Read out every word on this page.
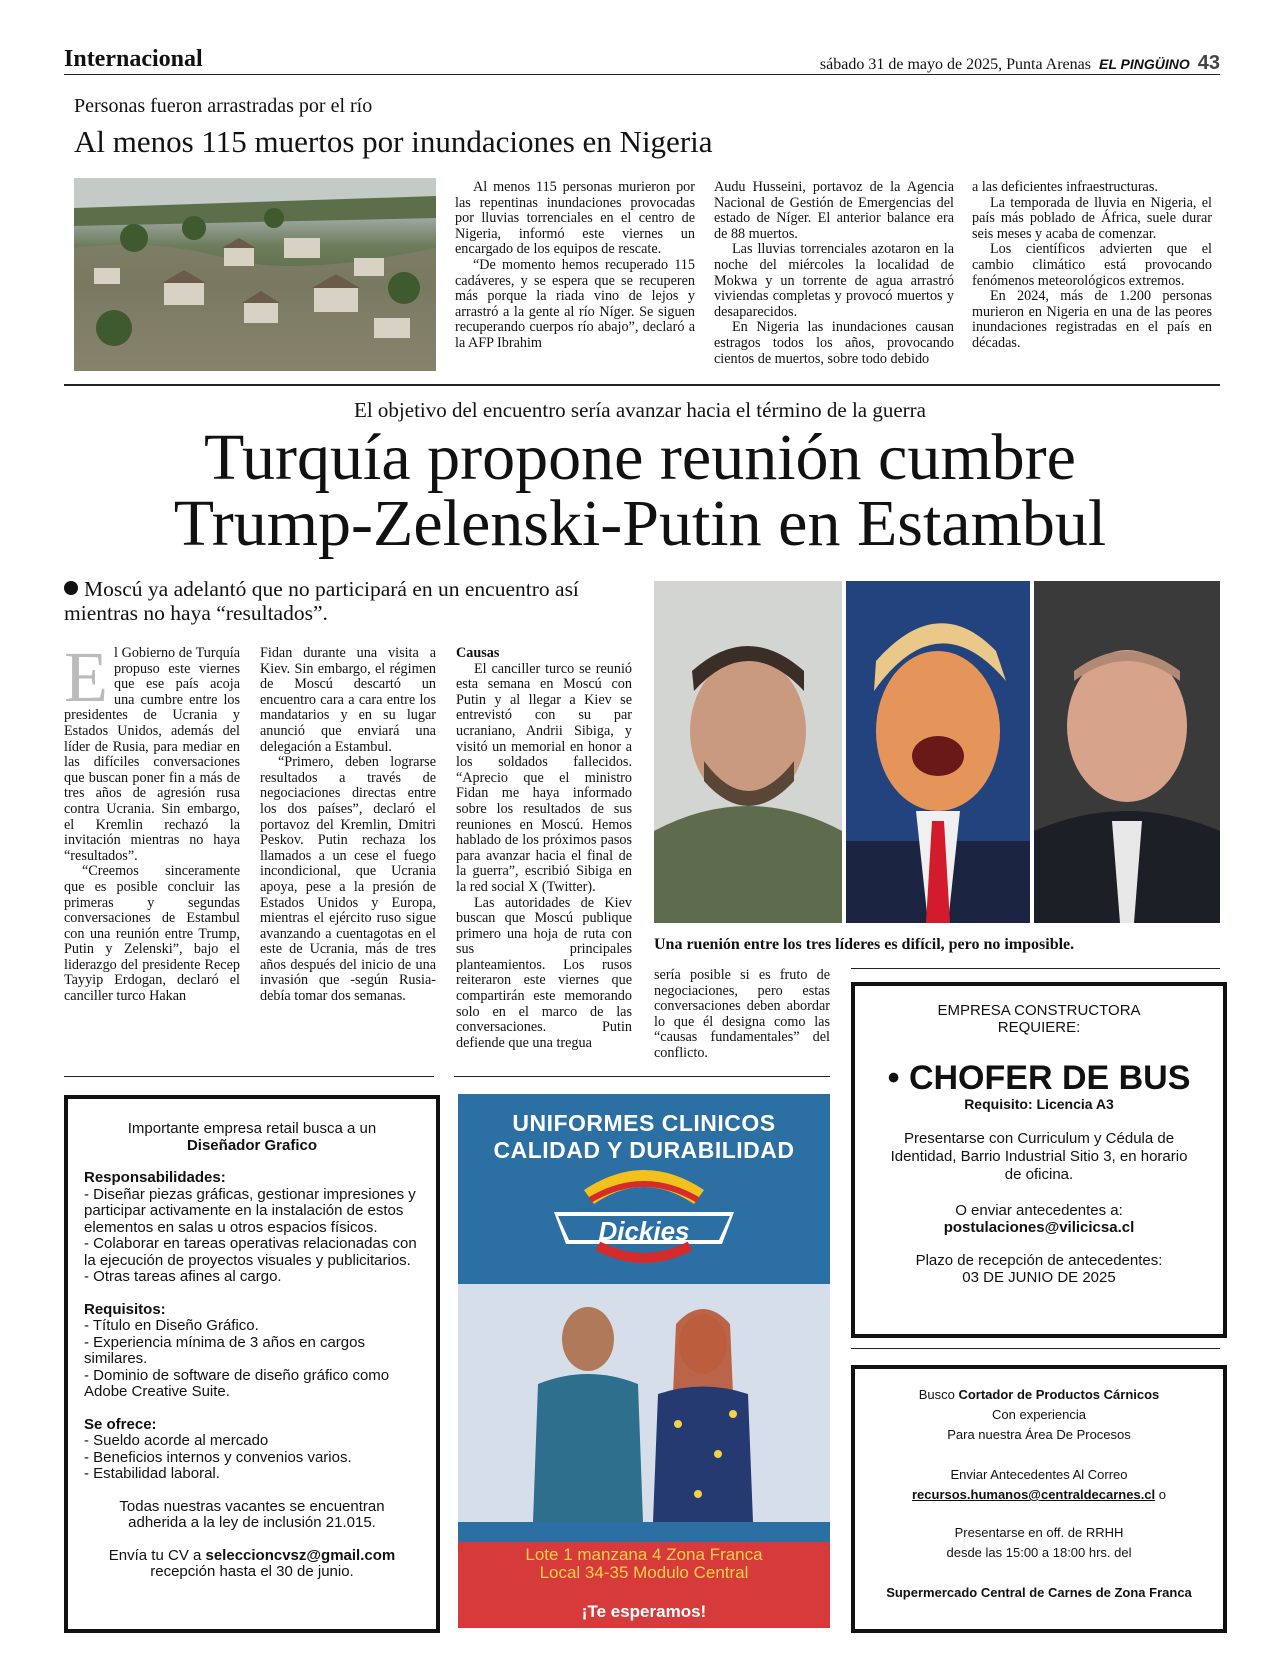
Internacional	sábado 31 de mayo de 2025, Punta Arenas EL PINGÜINO 43
Personas fueron arrastradas por el río
Al menos 115 muertos por inundaciones en Nigeria

Al menos 115 personas murieron por las repentinas inundaciones provocadas por lluvias torrenciales en el centro de Nigeria, informó este viernes un encargado de los equipos de rescate.

“De momento hemos recuperado 115 cadáveres, y se espera que se recuperen más porque la riada vino de lejos y arrastró a la gente al río Níger. Se siguen recuperando cuerpos río abajo”, declaró a la AFP Ibrahim

Audu Husseini, portavoz de la Agencia Nacional de Gestión de Emergencias del estado de Níger. El anterior balance era de 88 muertos.

Las lluvias torrenciales azotaron en la noche del miércoles la localidad de Mokwa y un torrente de agua arrastró viviendas completas y provocó muertos y desaparecidos.

En Nigeria las inundaciones causan estragos todos los años, provocando cientos de muertos, sobre todo debido

a las deficientes infraestructuras.

La temporada de lluvia en Nigeria, el país más poblado de África, suele durar seis meses y acaba de comenzar.

Los científicos advierten que el cambio climático está provocando fenómenos meteorológicos extremos.

En 2024, más de 1.200 personas murieron en Nigeria en una de las peores inundaciones registradas en el país en décadas.

El objetivo del encuentro sería avanzar hacia el término de la guerra
Turquía propone reunión cumbre
Trump-Zelenski-Putin en Estambul
Moscú ya adelantó que no participará en un encuentro así mientras no haya “resultados”.

El Gobierno de Turquía propuso este viernes que ese país acoja una cumbre entre los presidentes de Ucrania y Estados Unidos, además del líder de Rusia, para mediar en las difíciles conversaciones que buscan poner fin a más de tres años de agresión rusa contra Ucrania. Sin embargo, el Kremlin rechazó la invitación mientras no haya “resultados”.

“Creemos sinceramente que es posible concluir las primeras y segundas conversaciones de Estambul con una reunión entre Trump, Putin y Zelenski”, bajo el liderazgo del presidente Recep Tayyip Erdogan, declaró el canciller turco Hakan

Fidan durante una visita a Kiev. Sin embargo, el régimen de Moscú descartó un encuentro cara a cara entre los mandatarios y en su lugar anunció que enviará una delegación a Estambul.

“Primero, deben lograrse resultados a través de negociaciones directas entre los dos países”, declaró el portavoz del Kremlin, Dmitri Peskov. Putin rechaza los llamados a un cese el fuego incondicional, que Ucrania apoya, pese a la presión de Estados Unidos y Europa, mientras el ejército ruso sigue avanzando a cuentagotas en el este de Ucrania, más de tres años después del inicio de una invasión que -según Rusia- debía tomar dos semanas.

Causas

El canciller turco se reunió esta semana en Moscú con Putin y al llegar a Kiev se entrevistó con su par ucraniano, Andrii Sibiga, y visitó un memorial en honor a los soldados fallecidos. “Aprecio que el ministro Fidan me haya informado sobre los resultados de sus reuniones en Moscú. Hemos hablado de los próximos pasos para avanzar hacia el final de la guerra”, escribió Sibiga en la red social X (Twitter).

Las autoridades de Kiev buscan que Moscú publique primero una hoja de ruta con sus principales planteamientos. Los rusos reiteraron este viernes que compartirán este memorando solo en el marco de las conversaciones. Putin defiende que una tregua

Una ruenión entre los tres líderes es difícil, pero no imposible.

sería posible si es fruto de negociaciones, pero estas conversaciones deben abordar lo que él designa como las “causas fundamentales” del conflicto.

Importante empresa retail busca a un
Diseñador Grafico
Responsabilidades:
- Diseñar piezas gráficas, gestionar impresiones y participar activamente en la instalación de estos elementos en salas u otros espacios físicos.
- Colaborar en tareas operativas relacionadas con la ejecución de proyectos visuales y publicitarios.
- Otras tareas afines al cargo.
Requisitos:
- Título en Diseño Gráfico.
- Experiencia mínima de 3 años en cargos similares.
- Dominio de software de diseño gráfico como Adobe Creative Suite.
Se ofrece:
- Sueldo acorde al mercado
- Beneficios internos y convenios varios.
- Estabilidad laboral.
Todas nuestras vacantes se encuentran adherida a la ley de inclusión 21.015.
Envía tu CV a seleccioncvsz@gmail.com
recepción hasta el 30 de junio.
UNIFORMES CLINICOS
CALIDAD Y DURABILIDAD
Dickies
Lote 1 manzana 4 Zona Franca
Local 34-35 Modulo Central
¡Te esperamos!
EMPRESA CONSTRUCTORA
REQUIERE:
• CHOFER DE BUS
Requisito: Licencia A3
Presentarse con Curriculum y Cédula de Identidad, Barrio Industrial Sitio 3, en horario de oficina.
O enviar antecedentes a:
postulaciones@vilicicsa.cl
Plazo de recepción de antecedentes:
03 DE JUNIO DE 2025
Busco Cortador de Productos Cárnicos
Con experiencia
Para nuestra Área De Procesos
Enviar Antecedentes Al Correo
recursos.humanos@centraldecarnes.cl o
Presentarse en off. de RRHH
desde las 15:00 a 18:00 hrs. del
Supermercado Central de Carnes de Zona Franca
